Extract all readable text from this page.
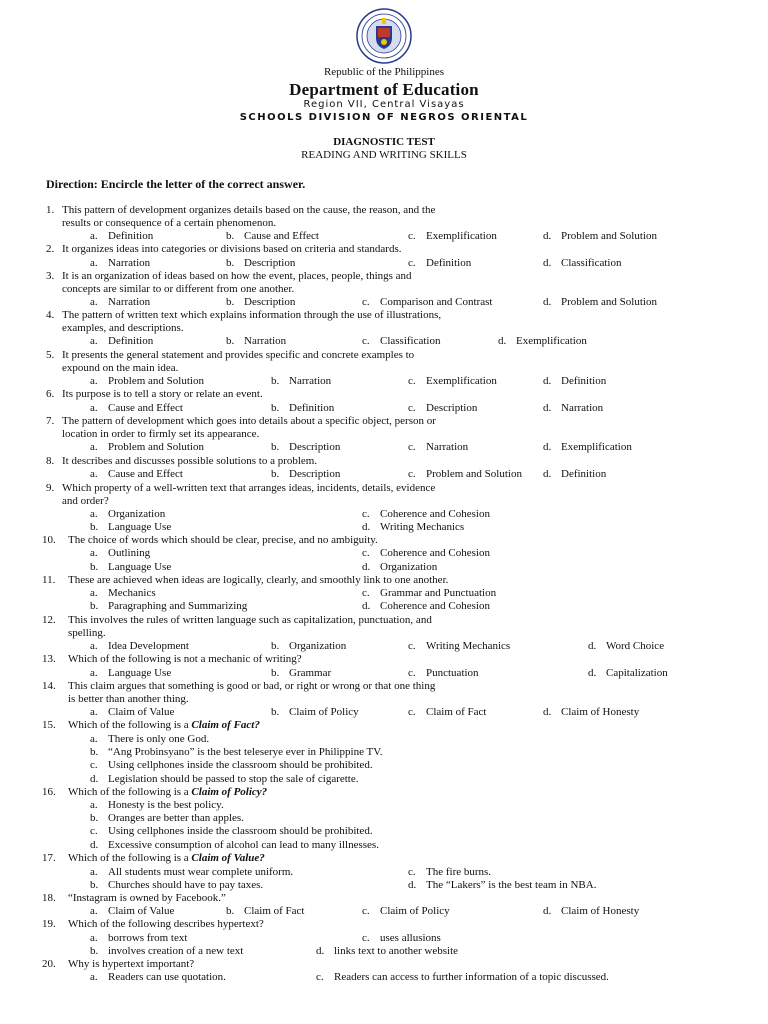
Republic of the Philippines
Department of Education
Region VII, Central Visayas
SCHOOLS DIVISION OF NEGROS ORIENTAL
DIAGNOSTIC TEST
READING AND WRITING SKILLS
Direction: Encircle the letter of the correct answer.
1. This pattern of development organizes details based on the cause, the reason, and the
results or consequence of a certain phenomenon.
a. Definition	b. Cause and Effect	c. Exemplification	d. Problem and Solution
2. It organizes ideas into categories or divisions based on criteria and standards.
a. Narration	b. Description	c. Definition	d. Classification
3. It is an organization of ideas based on how the event, places, people, things and
concepts are similar to or different from one another.
a. Narration	b. Description	c. Comparison and Contrast	d. Problem and Solution
4. The pattern of written text which explains information through the use of illustrations,
examples, and descriptions.
a. Definition	b. Narration	c. Classification	d. Exemplification
5. It presents the general statement and provides specific and concrete examples to
expound on the main idea.
a. Problem and Solution	b. Narration	c. Exemplification	d. Definition
6. Its purpose is to tell a story or relate an event.
a. Cause and Effect	b. Definition	c. Description	d. Narration
7. The pattern of development which goes into details about a specific object, person or
location in order to firmly set its appearance.
a. Problem and Solution	b. Description	c. Narration	d. Exemplification
8. It describes and discusses possible solutions to a problem.
a. Cause and Effect	b. Description	c. Problem and Solution d. Definition
9. Which property of a well-written text that arranges ideas, incidents, details, evidence
and order?
a. Organization	c. Coherence and Cohesion
b. Language Use	d. Writing Mechanics
10. The choice of words which should be clear, precise, and no ambiguity.
a. Outlining	c. Coherence and Cohesion
b. Language Use	d. Organization
11. These are achieved when ideas are logically, clearly, and smoothly link to one another.
a. Mechanics	c. Grammar and Punctuation
b. Paragraphing and Summarizing	d. Coherence and Cohesion
12. This involves the rules of written language such as capitalization, punctuation, and
spelling.
a. Idea Development	b. Organization	c. Writing Mechanics	d. Word Choice
13. Which of the following is not a mechanic of writing?
a. Language Use	b. Grammar	c. Punctuation	d. Capitalization
14. This claim argues that something is good or bad, or right or wrong or that one thing
is better than another thing.
a. Claim of Value	b. Claim of Policy	c. Claim of Fact	d. Claim of Honesty
15. Which of the following is a Claim of Fact?
a. There is only one God.
b. “Ang Probinsyano” is the best teleserye ever in Philippine TV.
c. Using cellphones inside the classroom should be prohibited.
d. Legislation should be passed to stop the sale of cigarette.
16. Which of the following is a Claim of Policy?
a. Honesty is the best policy.
b. Oranges are better than apples.
c. Using cellphones inside the classroom should be prohibited.
d. Excessive consumption of alcohol can lead to many illnesses.
17. Which of the following is a Claim of Value?
a. All students must wear complete uniform.	c. The fire burns.
b. Churches should have to pay taxes.	d. The “Lakers” is the best team in NBA.
18. “Instagram is owned by Facebook.”
a. Claim of Value	b. Claim of Fact	c. Claim of Policy	d. Claim of Honesty
19. Which of the following describes hypertext?
a. borrows from text	c. uses allusions
b. involves creation of a new text	d. links text to another website
20. Why is hypertext important?
a. Readers can use quotation.	c. Readers can access to further information of a topic discussed.
